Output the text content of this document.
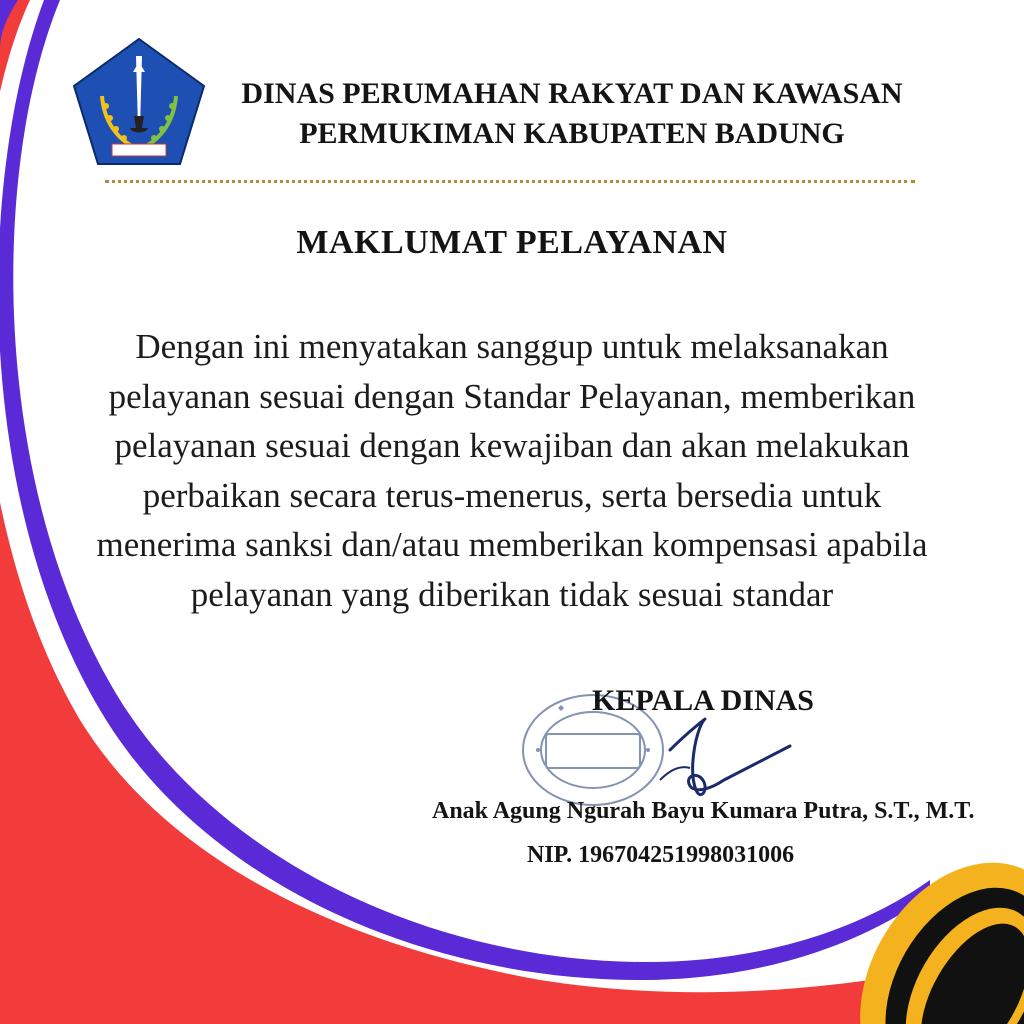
DINAS PERUMAHAN RAKYAT DAN KAWASAN
PERMUKIMAN KABUPATEN BADUNG
MAKLUMAT PELAYANAN

Dengan ini menyatakan sanggup untuk melaksanakan
pelayanan sesuai dengan Standar Pelayanan, memberikan
pelayanan sesuai dengan kewajiban dan akan melakukan
perbaikan secara terus-menerus, serta bersedia untuk
menerima sanksi dan/atau memberikan kompensasi apabila
pelayanan yang diberikan tidak sesuai standar

KEPALA DINAS

Anak Agung Ngurah Bayu Kumara Putra, S.T., M.T.

NIP. 196704251998031006
